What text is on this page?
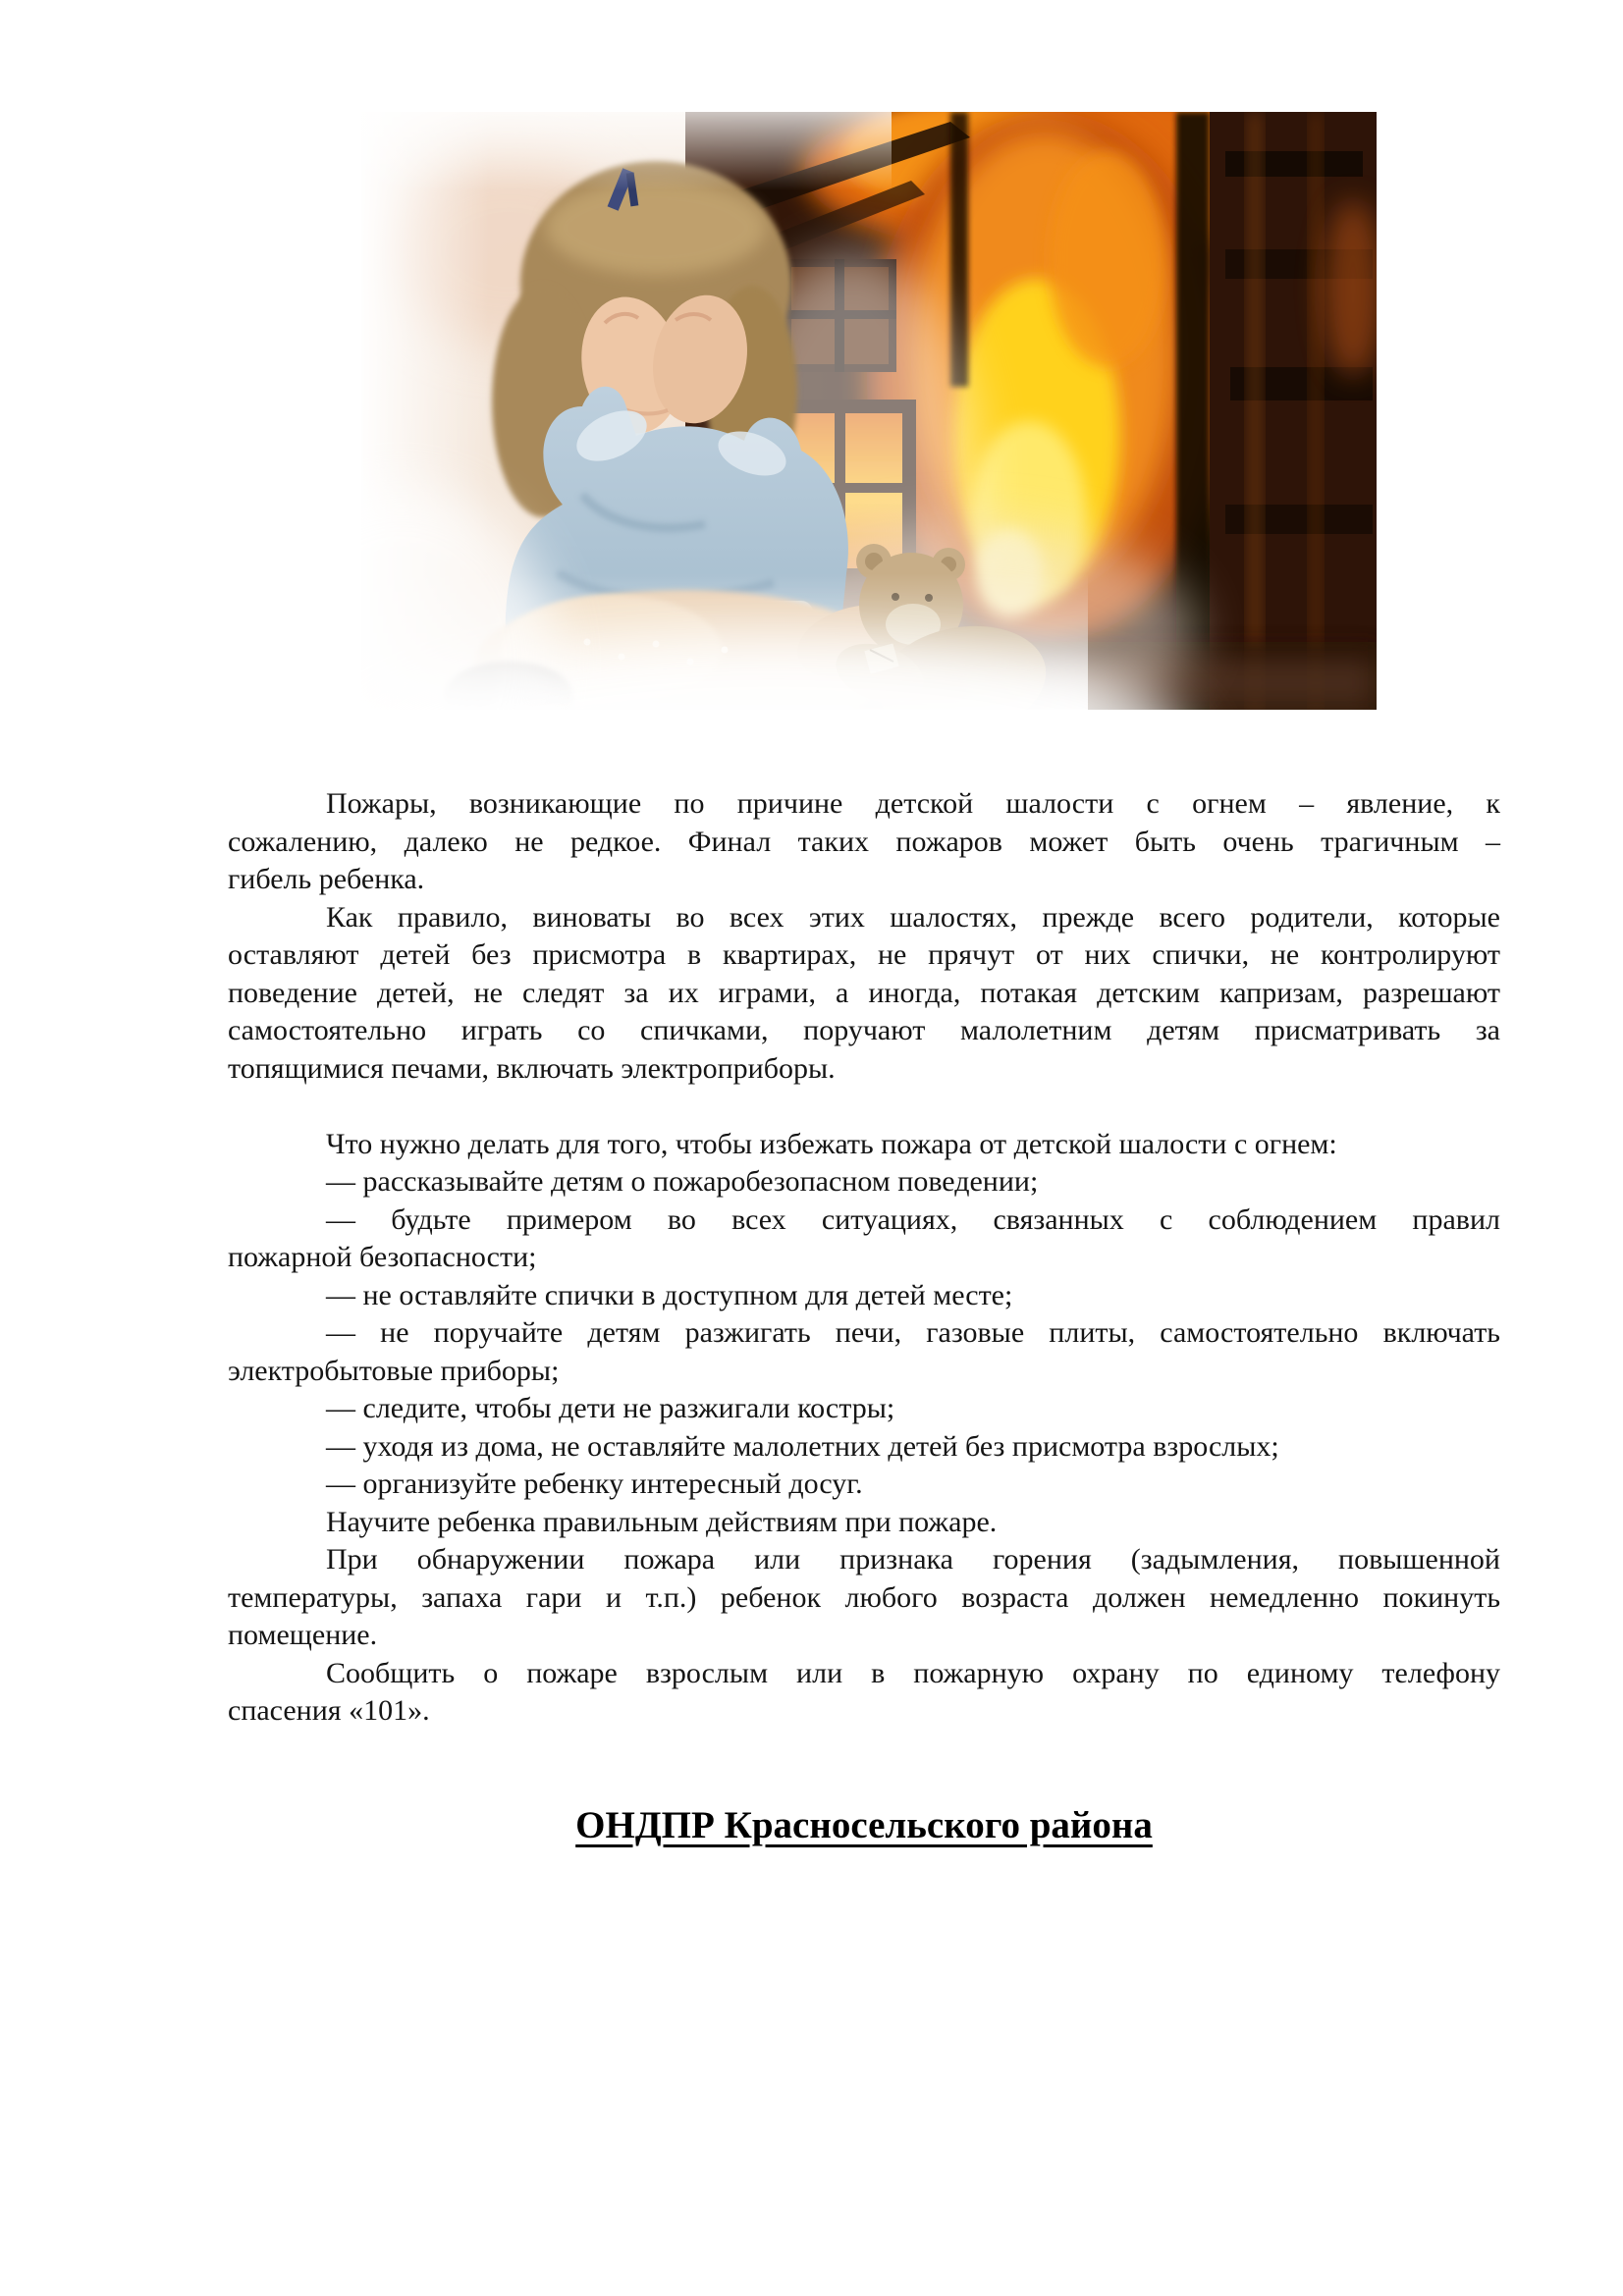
Пожары, возникающие по причине детской шалости с огнем – явление, к
сожалению, далеко не редкое. Финал таких пожаров может быть очень трагичным –
гибель ребенка.
Как правило, виноваты во всех этих шалостях, прежде всего родители, которые
оставляют детей без присмотра в квартирах, не прячут от них спички, не контролируют
поведение детей, не следят за их играми, а иногда, потакая детским капризам, разрешают
самостоятельно играть со спичками, поручают малолетним детям присматривать за
топящимися печами, включать электроприборы.
Что нужно делать для того, чтобы избежать пожара от детской шалости с огнем:
— рассказывайте детям о пожаробезопасном поведении;
— будьте примером во всех ситуациях, связанных с соблюдением правил
пожарной безопасности;
— не оставляйте спички в доступном для детей месте;
— не поручайте детям разжигать печи, газовые плиты, самостоятельно включать
электробытовые приборы;
— следите, чтобы дети не разжигали костры;
— уходя из дома, не оставляйте малолетних детей без присмотра взрослых;
— организуйте ребенку интересный досуг.
Научите ребенка правильным действиям при пожаре.
При обнаружении пожара или признака горения (задымления, повышенной
температуры, запаха гари и т.п.) ребенок любого возраста должен немедленно покинуть
помещение.
Сообщить о пожаре взрослым или в пожарную охрану по единому телефону
спасения «101».
ОНДПР Красносельского района
